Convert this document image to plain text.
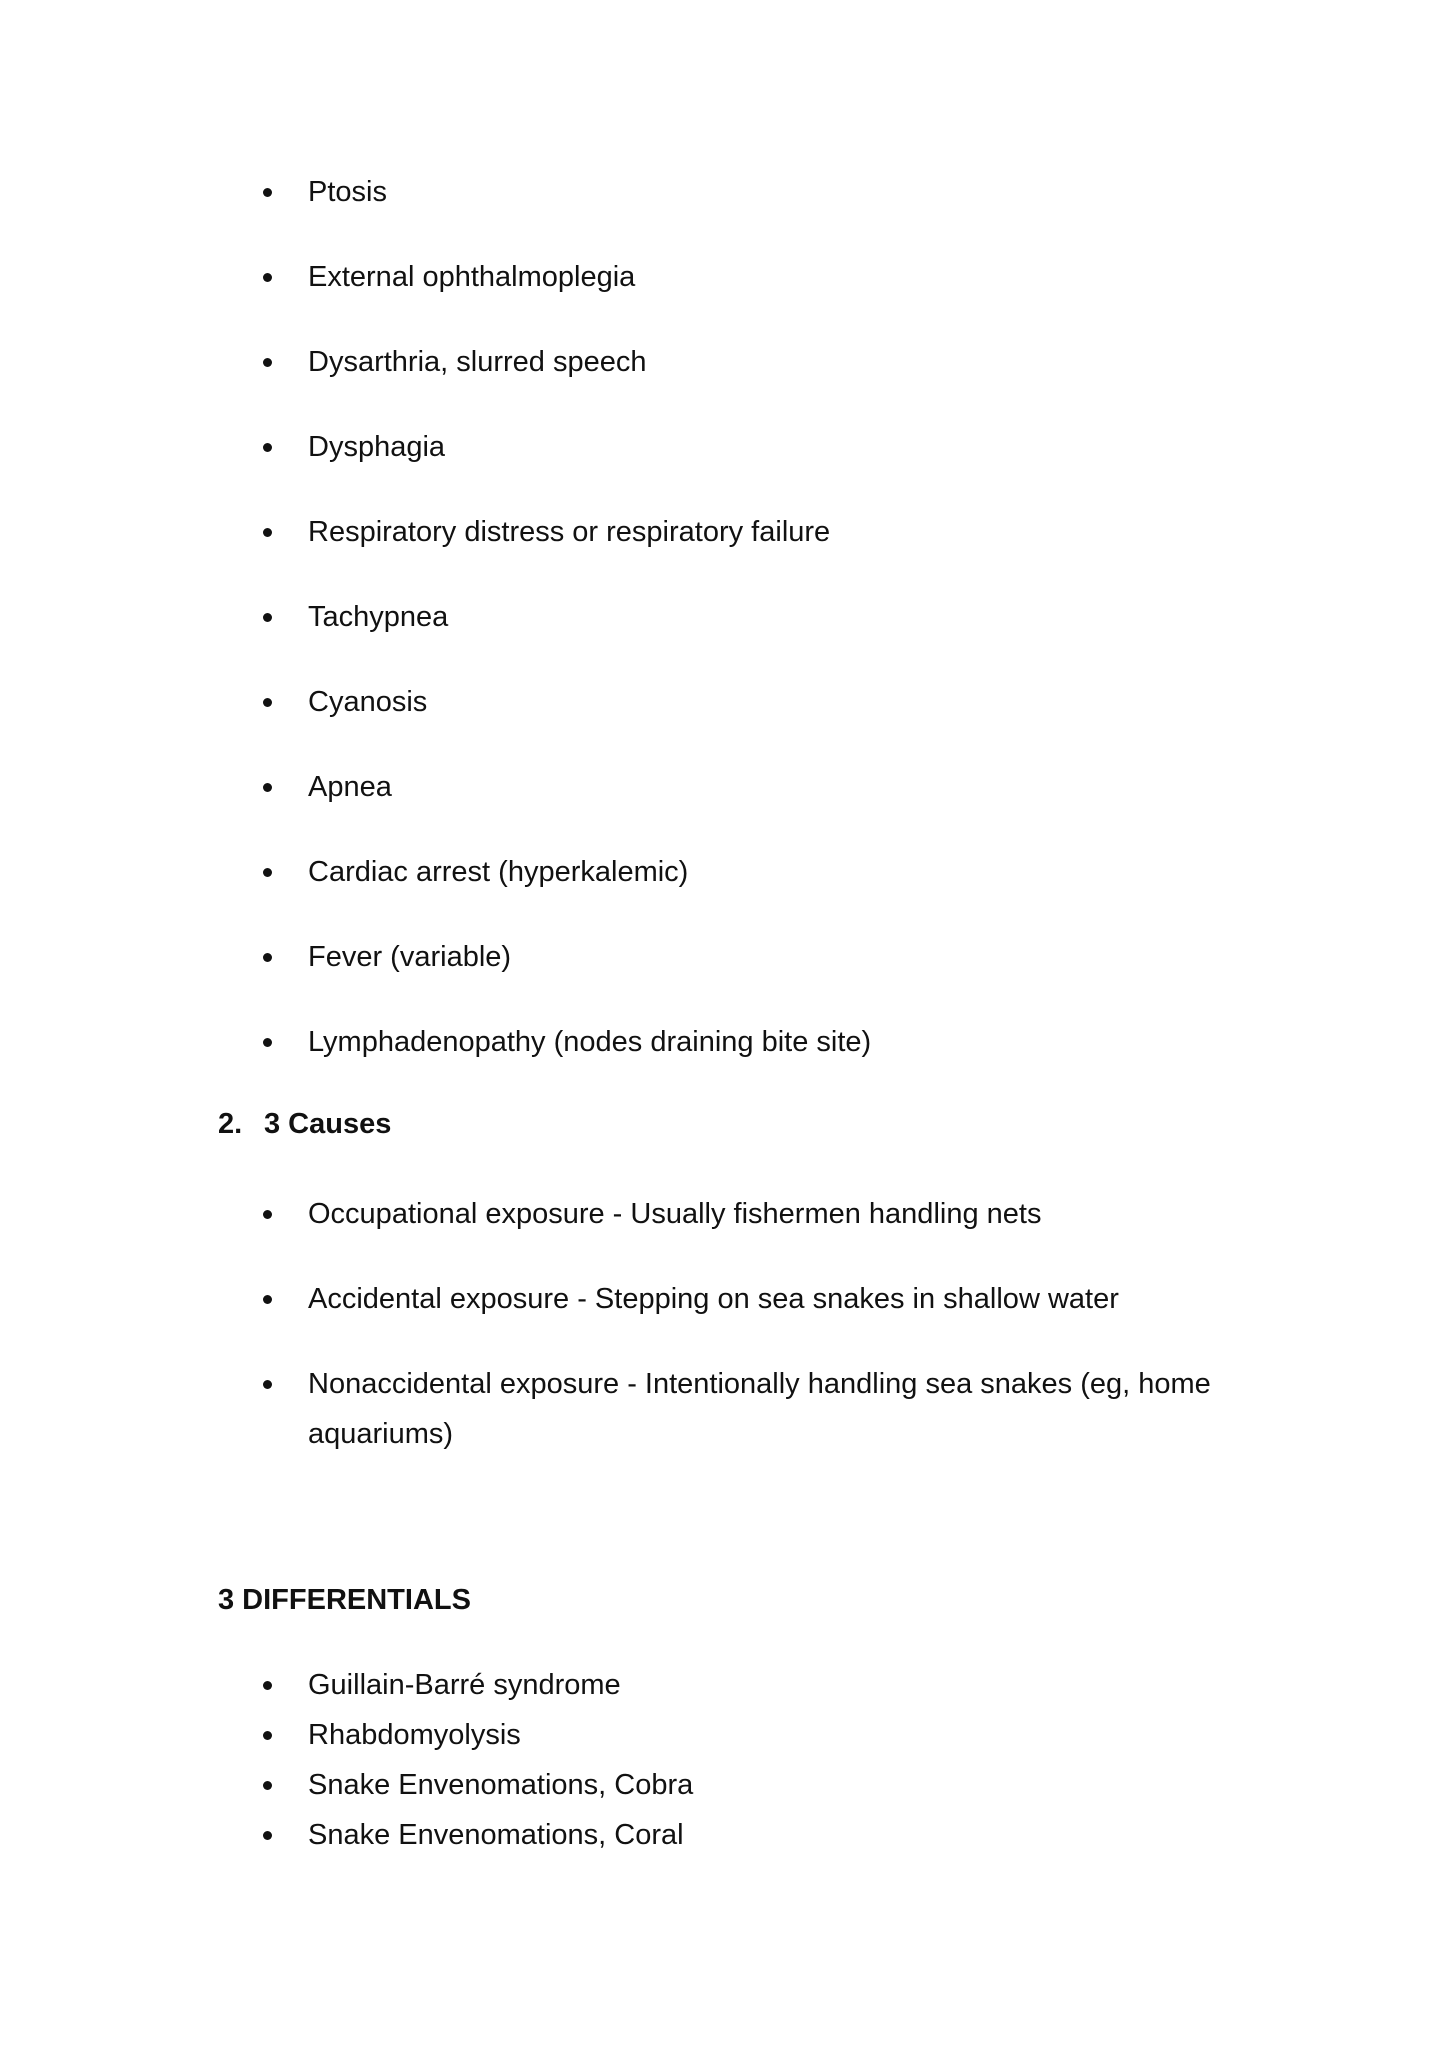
Ptosis
External ophthalmoplegia
Dysarthria, slurred speech
Dysphagia
Respiratory distress or respiratory failure
Tachypnea
Cyanosis
Apnea
Cardiac arrest (hyperkalemic)
Fever (variable)
Lymphadenopathy (nodes draining bite site)
2. 3 Causes
Occupational exposure - Usually fishermen handling nets
Accidental exposure - Stepping on sea snakes in shallow water
Nonaccidental exposure - Intentionally handling sea snakes (eg, home aquariums)
3 DIFFERENTIALS
Guillain-Barré syndrome
Rhabdomyolysis
Snake Envenomations, Cobra
Snake Envenomations, Coral
